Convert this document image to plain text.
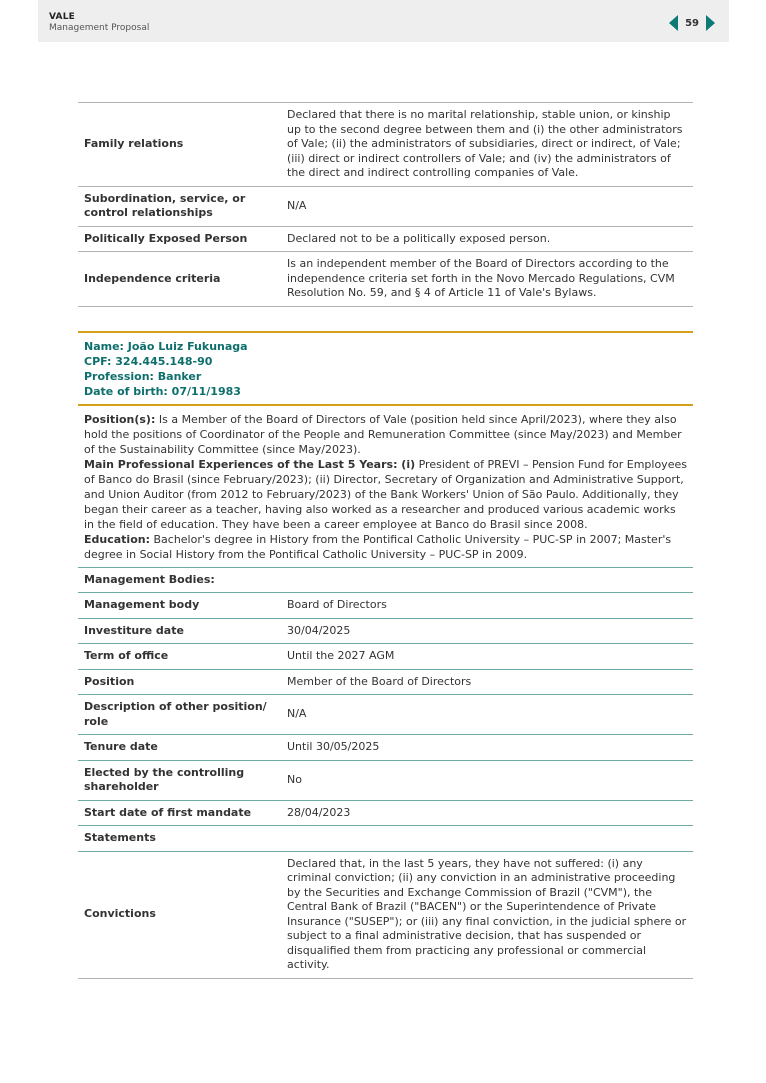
VALE
Management Proposal	59
Family relations	Declared that there is no marital relationship, stable union, or kinship up to the second degree between them and (i) the other administrators of Vale; (ii) the administrators of subsidiaries, direct or indirect, of Vale; (iii) direct or indirect controllers of Vale; and (iv) the administrators of the direct and indirect controlling companies of Vale.
Subordination, service, or control relationships	N/A
Politically Exposed Person	Declared not to be a politically exposed person.
Independence criteria	Is an independent member of the Board of Directors according to the independence criteria set forth in the Novo Mercado Regulations, CVM Resolution No. 59, and § 4 of Article 11 of Vale's Bylaws.
Name: João Luiz Fukunaga
CPF: 324.445.148-90
Profession: Banker
Date of birth: 07/11/1983
Position(s): Is a Member of the Board of Directors of Vale (position held since April/2023), where they also hold the positions of Coordinator of the People and Remuneration Committee (since May/2023) and Member of the Sustainability Committee (since May/2023).
Main Professional Experiences of the Last 5 Years: (i) President of PREVI – Pension Fund for Employees of Banco do Brasil (since February/2023); (ii) Director, Secretary of Organization and Administrative Support, and Union Auditor (from 2012 to February/2023) of the Bank Workers' Union of São Paulo. Additionally, they began their career as a teacher, having also worked as a researcher and produced various academic works in the field of education. They have been a career employee at Banco do Brasil since 2008.
Education: Bachelor's degree in History from the Pontifical Catholic University – PUC-SP in 2007; Master's degree in Social History from the Pontifical Catholic University – PUC-SP in 2009.
Management Bodies:	
Management body	Board of Directors
Investiture date	30/04/2025
Term of office	Until the 2027 AGM
Position	Member of the Board of Directors
Description of other position/ role	N/A
Tenure date	Until 30/05/2025
Elected by the controlling shareholder	No
Start date of first mandate	28/04/2023
Statements	
Convictions	Declared that, in the last 5 years, they have not suffered: (i) any criminal conviction; (ii) any conviction in an administrative proceeding by the Securities and Exchange Commission of Brazil ("CVM"), the Central Bank of Brazil ("BACEN") or the Superintendence of Private Insurance ("SUSEP"); or (iii) any final conviction, in the judicial sphere or subject to a final administrative decision, that has suspended or disqualified them from practicing any professional or commercial activity.
